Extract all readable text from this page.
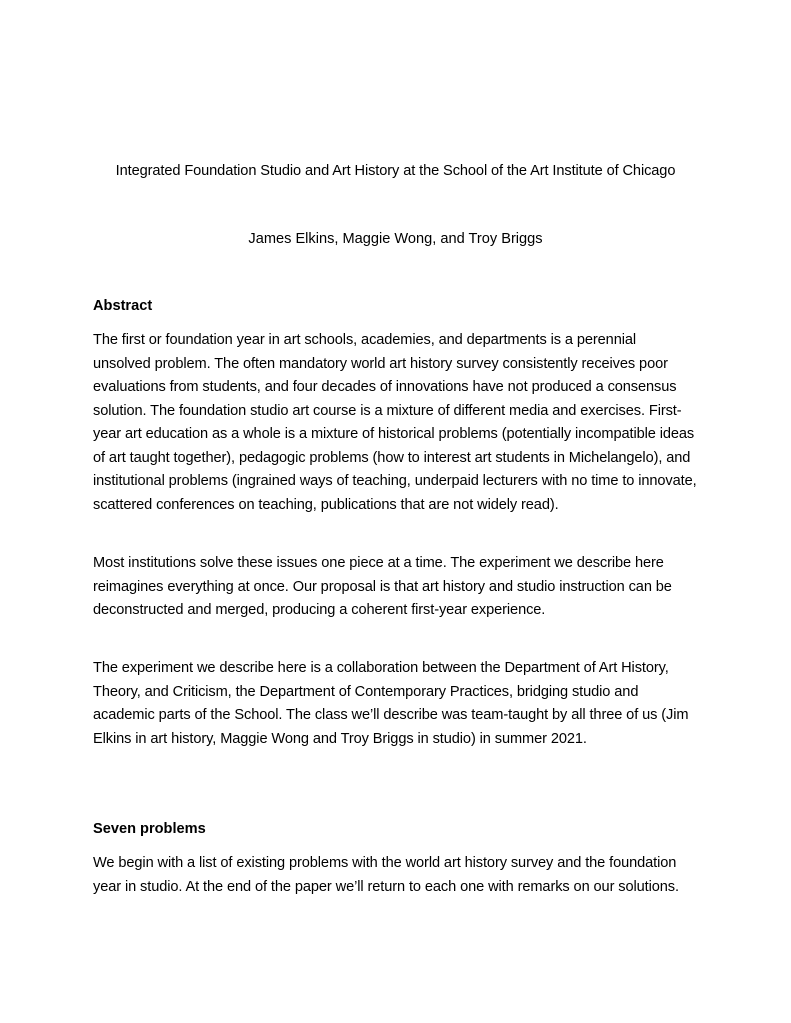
Integrated Foundation Studio and Art History at the School of the Art Institute of Chicago
James Elkins, Maggie Wong, and Troy Briggs
Abstract
The first or foundation year in art schools, academies, and departments is a perennial unsolved problem. The often mandatory world art history survey consistently receives poor evaluations from students, and four decades of innovations have not produced a consensus solution. The foundation studio art course is a mixture of different media and exercises. First-year art education as a whole is a mixture of historical problems (potentially incompatible ideas of art taught together), pedagogic problems (how to interest art students in Michelangelo), and institutional problems (ingrained ways of teaching, underpaid lecturers with no time to innovate, scattered conferences on teaching, publications that are not widely read).
Most institutions solve these issues one piece at a time. The experiment we describe here reimagines everything at once. Our proposal is that art history and studio instruction can be deconstructed and merged, producing a coherent first-year experience.
The experiment we describe here is a collaboration between the Department of Art History, Theory, and Criticism, the Department of Contemporary Practices, bridging studio and academic parts of the School. The class we’ll describe was team-taught by all three of us (Jim Elkins in art history, Maggie Wong and Troy Briggs in studio) in summer 2021.
Seven problems
We begin with a list of existing problems with the world art history survey and the foundation year in studio. At the end of the paper we’ll return to each one with remarks on our solutions.
